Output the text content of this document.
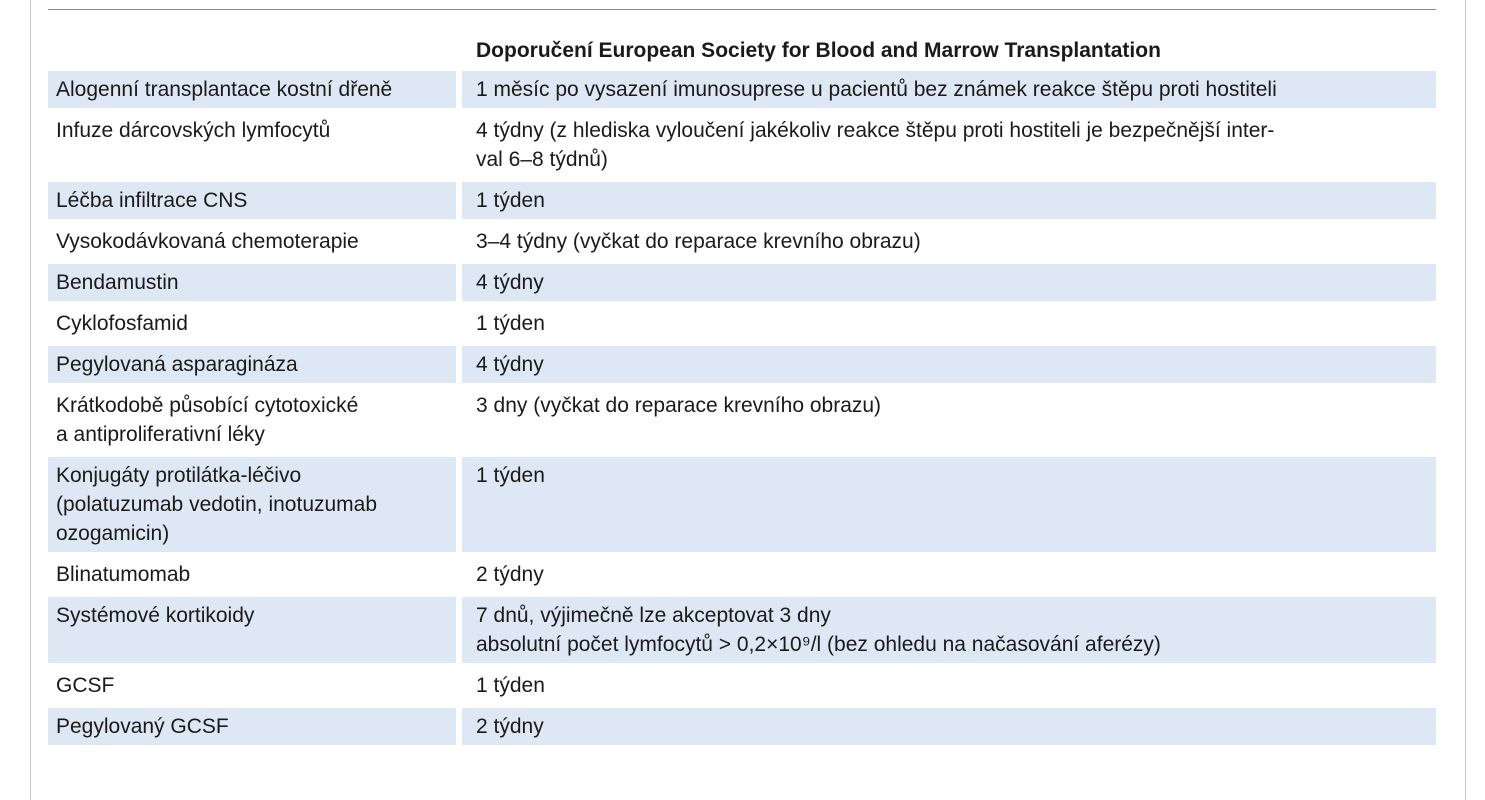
	Doporučení European Society for Blood and Marrow Transplantation

Alogenní transplantace kostní dřeně	1 měsíc po vysazení imunosuprese u pacientů bez známek reakce štěpu proti hostiteli

Infuze dárcovských lymfocytů	4 týdny (z hlediska vyloučení jakékoliv reakce štěpu proti hostiteli je bezpečnější inter-
val 6–8 týdnů)

Léčba infiltrace CNS	1 týden

Vysokodávkovaná chemoterapie	3–4 týdny (vyčkat do reparace krevního obrazu)

Bendamustin	4 týdny

Cyklofosfamid	1 týden

Pegylovaná asparagináza	4 týdny

Krátkodobě působící cytotoxické
a antiproliferativní léky	3 dny (vyčkat do reparace krevního obrazu)

Konjugáty protilátka-léčivo
(polatuzumab vedotin, inotuzumab
ozogamicin)	1 týden

Blinatumomab	2 týdny

Systémové kortikoidy	7 dnů, výjimečně lze akceptovat 3 dny
absolutní počet lymfocytů > 0,2×10⁹/l (bez ohledu na načasování aferézy)

GCSF	1 týden

Pegylovaný GCSF	2 týdny
